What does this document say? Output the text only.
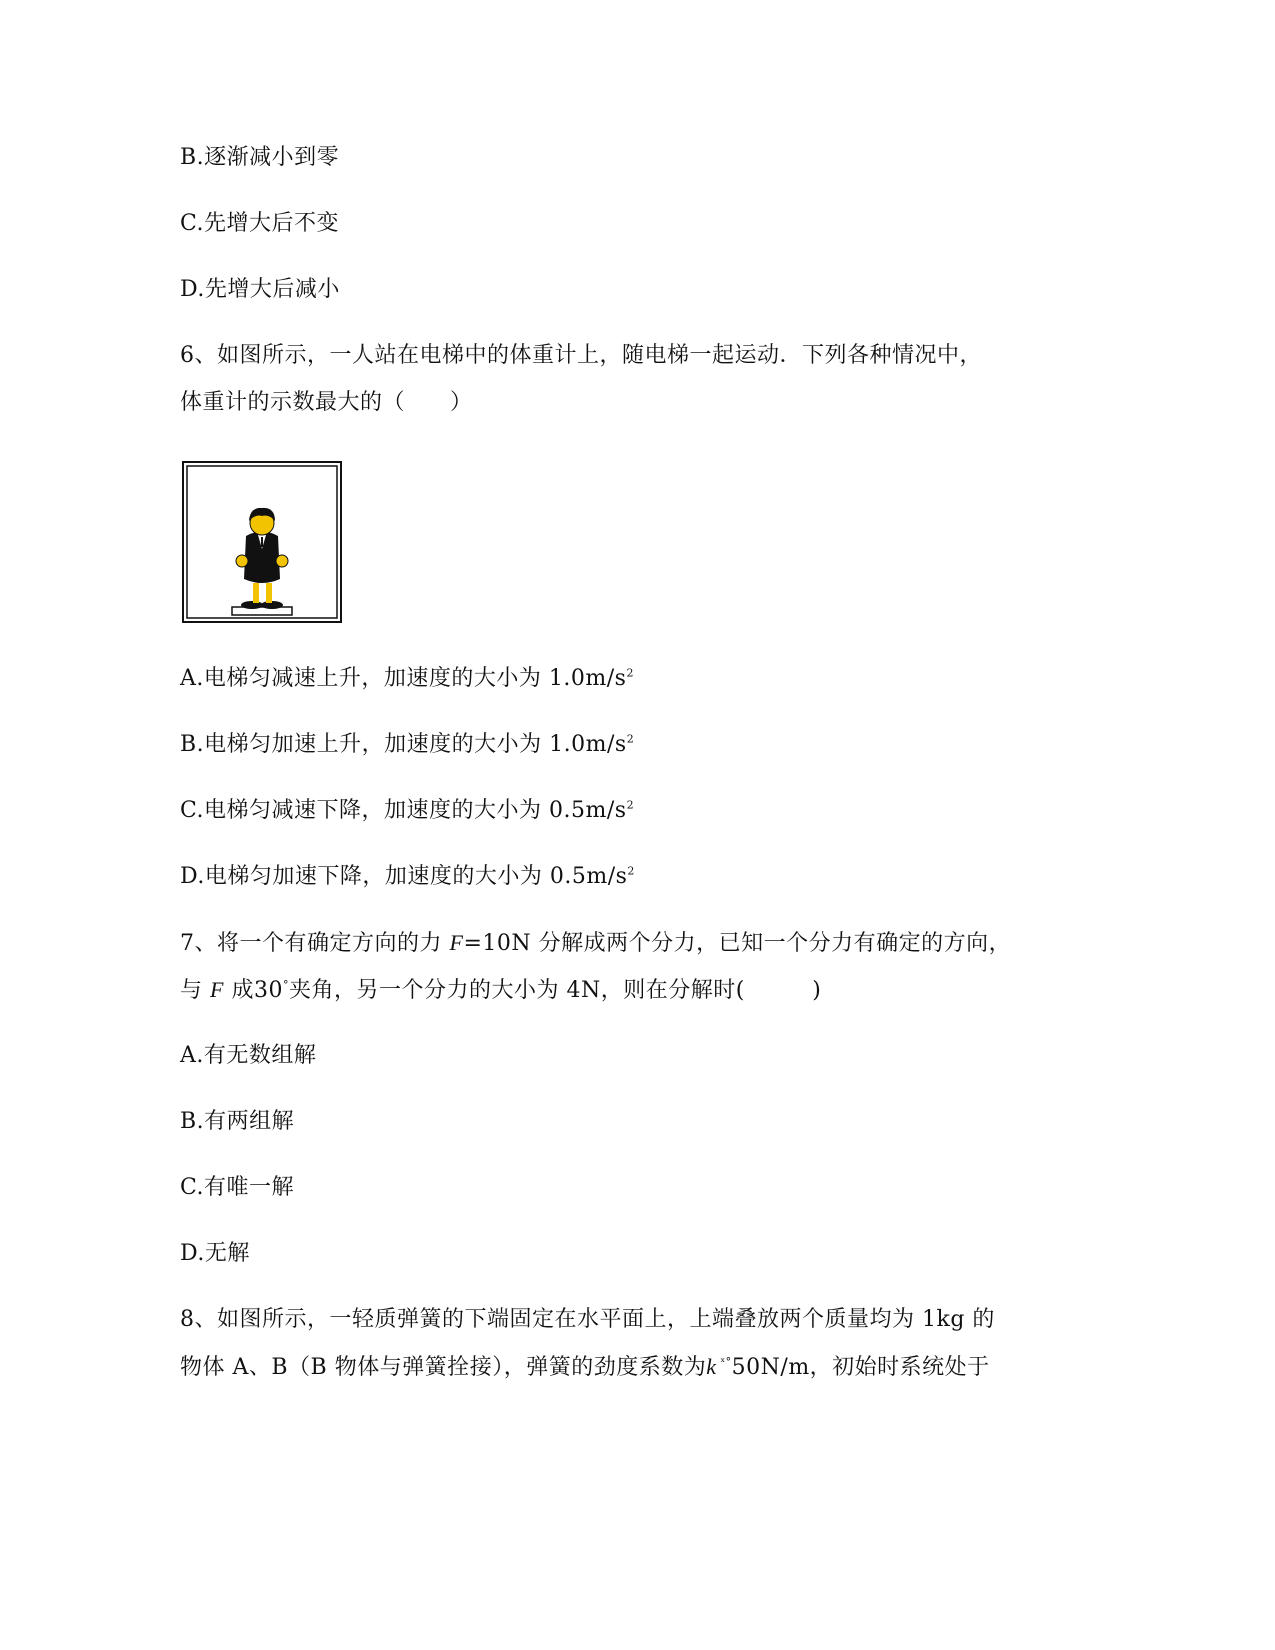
B.逐渐减小到零
C.先增大后不变
D.先增大后减小
6、如图所示，一人站在电梯中的体重计上，随电梯一起运动．下列各种情况中，
体重计的示数最大的（　　）
A.电梯匀减速上升，加速度的大小为 $1.0m/s^2$
B.电梯匀加速上升，加速度的大小为 $1.0m/s^2$
C.电梯匀减速下降，加速度的大小为 $0.5m/s^2$
D.电梯匀加速下降，加速度的大小为 $0.5m/s^2$
7、将一个有确定方向的力 F=10N 分解成两个分力，已知一个分力有确定的方向，
与 F 成30°夹角，另一个分力的大小为 4N，则在分解时(　　　)
A.有无数组解
B.有两组解
C.有唯一解
D.无解
8、如图所示，一轻质弹簧的下端固定在水平面上，上端叠放两个质量均为 1kg 的
物体 A、B（B 物体与弹簧拴接），弹簧的劲度系数为k $^{ˣ^\circ}$50N/m，初始时系统处于
